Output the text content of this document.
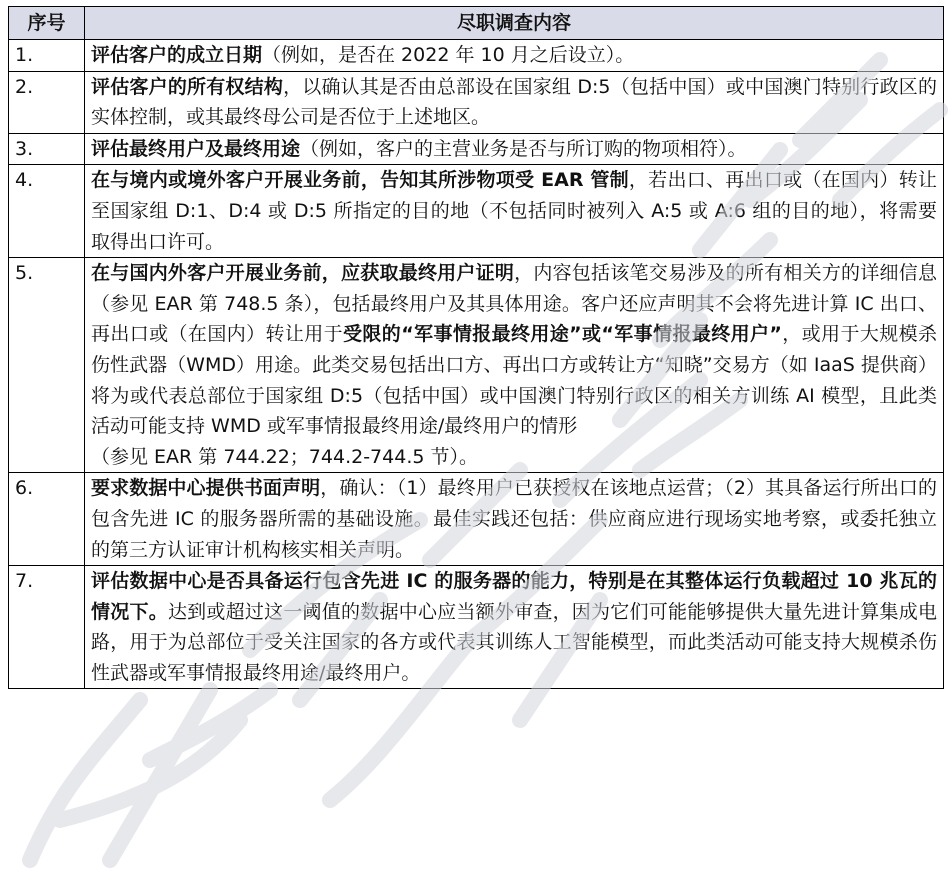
序号	尽职调查内容
1.	评估客户的成立日期（例如，是否在 2022 年 10 月之后设立）。
2.	评估客户的所有权结构，以确认其是否由总部设在国家组 D:5（包括中国）或中国澳门特别行政区的实体控制，或其最终母公司是否位于上述地区。
3.	评估最终用户及最终用途（例如，客户的主营业务是否与所订购的物项相符）。
4.	在与境内或境外客户开展业务前，告知其所涉物项受 EAR 管制，若出口、再出口或（在国内）转让至国家组 D:1、D:4 或 D:5 所指定的目的地（不包括同时被列入 A:5 或 A:6 组的目的地），将需要取得出口许可。
5.	在与国内外客户开展业务前，应获取最终用户证明，内容包括该笔交易涉及的所有相关方的详细信息（参见 EAR 第 748.5 条），包括最终用户及其具体用途。客户还应声明其不会将先进计算 IC 出口、再出口或（在国内）转让用于受限的“军事情报最终用途”或“军事情报最终用户”，或用于大规模杀伤性武器（WMD）用途。此类交易包括出口方、再出口方或转让方“知晓”交易方（如 IaaS 提供商）将为或代表总部位于国家组 D:5（包括中国）或中国澳门特别行政区的相关方训练 AI 模型，且此类活动可能支持 WMD 或军事情报最终用途/最终用户的情形
（参见 EAR 第 744.22；744.2-744.5 节）。

6.	要求数据中心提供书面声明，确认：（1）最终用户已获授权在该地点运营；（2）其具备运行所出口的包含先进 IC 的服务器所需的基础设施。最佳实践还包括：供应商应进行现场实地考察，或委托独立的第三方认证审计机构核实相关声明。
7.	评估数据中心是否具备运行包含先进 IC 的服务器的能力，特别是在其整体运行负载超过 10 兆瓦的情况下。达到或超过这一阈值的数据中心应当额外审查，因为它们可能能够提供大量先进计算集成电路，用于为总部位于受关注国家的各方或代表其训练人工智能模型，而此类活动可能支持大规模杀伤性武器或军事情报最终用途/最终用户。
